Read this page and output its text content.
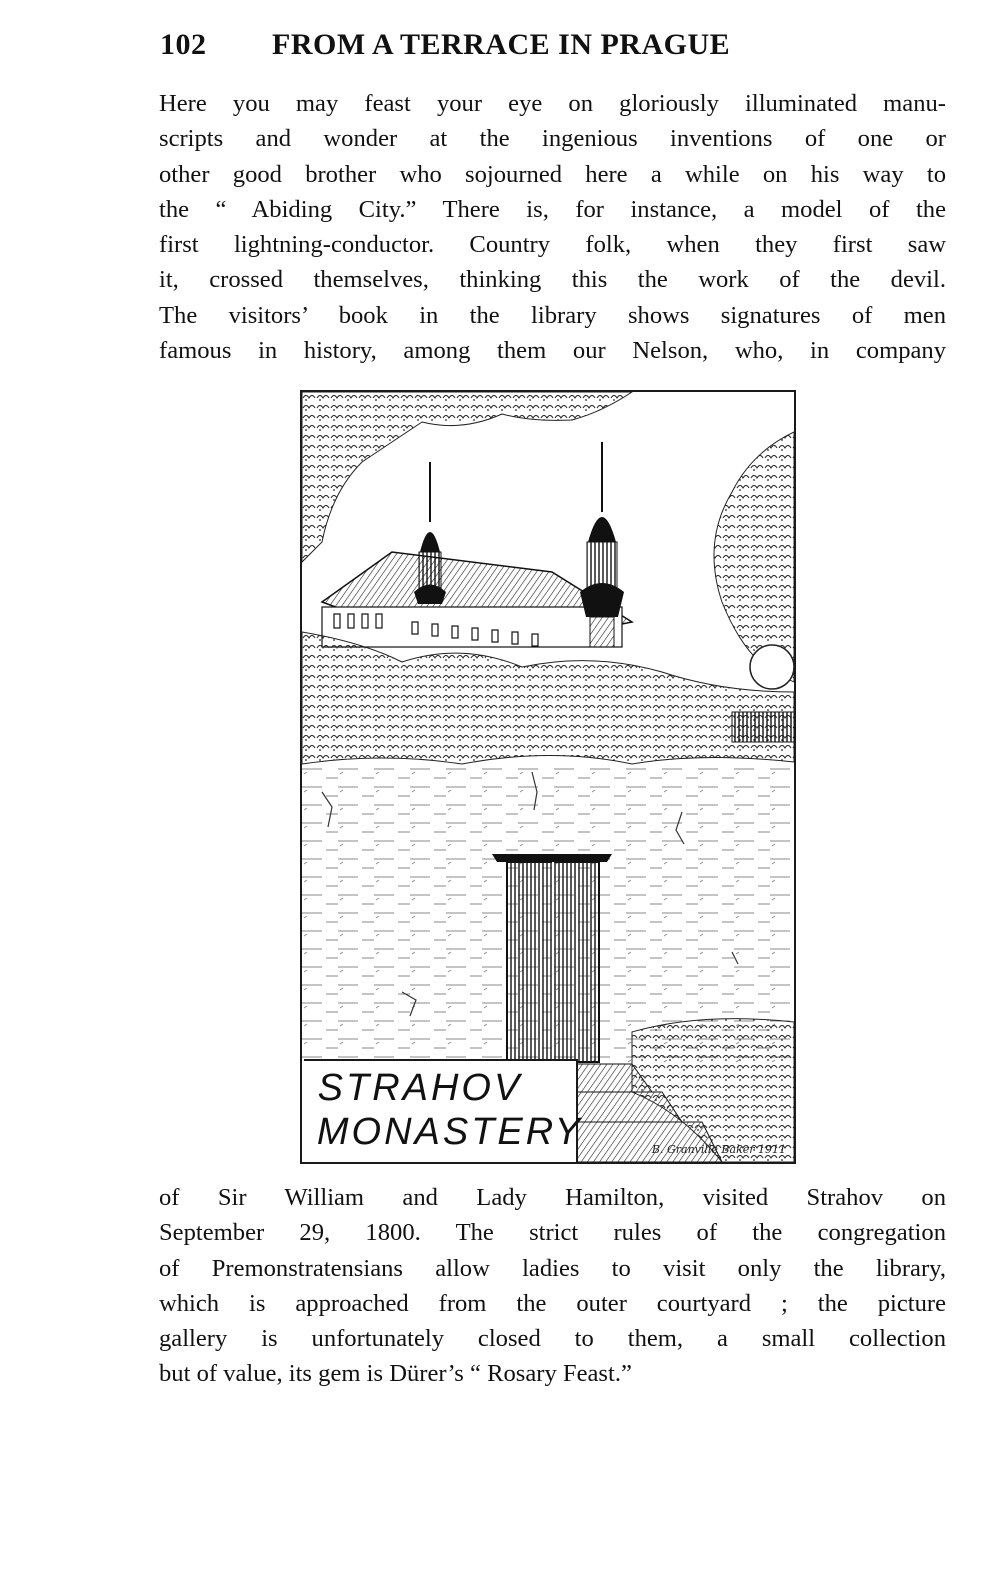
102 FROM A TERRACE IN PRAGUE
Here you may feast your eye on gloriously illuminated manu-
scripts and wonder at the ingenious inventions of one or
other good brother who sojourned here a while on his way to
the “ Abiding City.” There is, for instance, a model of the
first lightning-conductor. Country folk, when they first saw
it, crossed themselves, thinking this the work of the devil.
The visitors’ book in the library shows signatures of men
famous in history, among them our Nelson, who, in company
STRAHOV
MONASTERY	B. Granville Baker 1911
of Sir William and Lady Hamilton, visited Strahov on
September 29, 1800. The strict rules of the congregation
of Premonstratensians allow ladies to visit only the library,
which is approached from the outer courtyard ; the picture
gallery is unfortunately closed to them, a small collection
but of value, its gem is Dürer’s “ Rosary Feast.”
